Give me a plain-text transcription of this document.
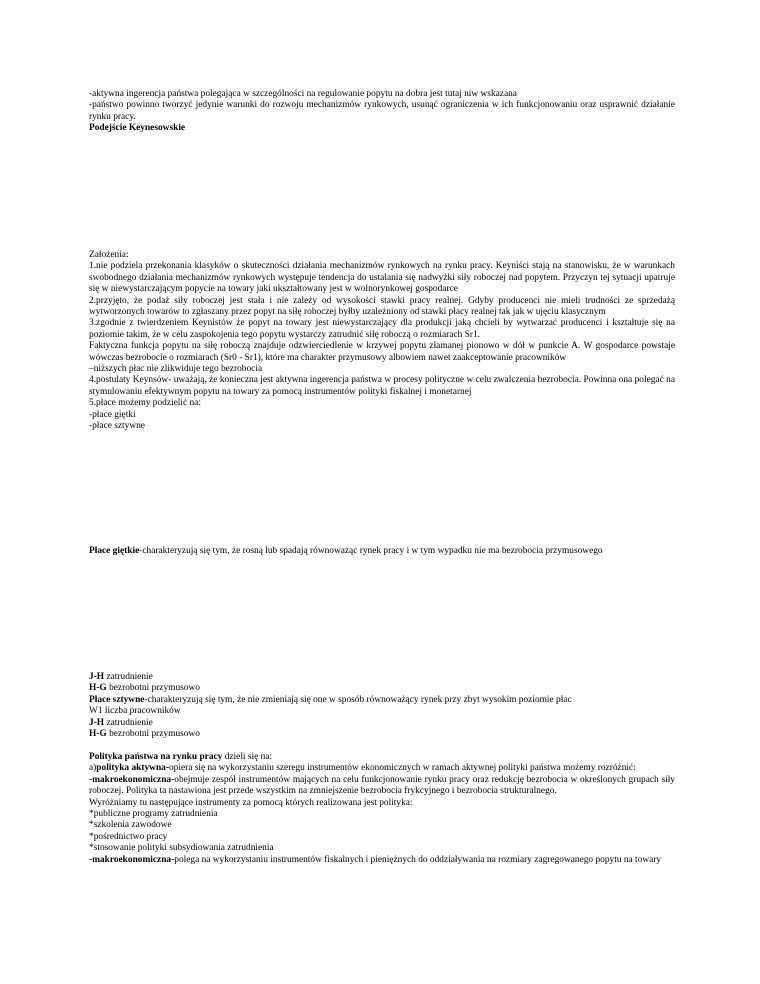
-aktywna ingerencja państwa polegająca w szczególności na regulowanie popytu na dobra jest tutaj niw wskazana

-państwo powinno tworzyć jedynie warunki do rozwoju mechanizmów rynkowych, usunąć ograniczenia w ich funkcjonowaniu oraz usprawnić działanie rynku pracy.

Podejście Keynesowskie

Założenia:

1.nie podziela przekonania klasyków o skuteczności działania mechanizmów rynkowych na rynku pracy. Keyniści stają na stanowisku, że w warunkach swobodnego działania mechanizmów rynkowych występuje tendencja do ustalania się nadwyżki siły roboczej nad popytem. Przyczyn tej sytuacji upatruje się w niewystarczającym popycie na towary jaki ukształtowany jest w wolnorynkowej gospodarce

2.przyjęto, że podaż siły roboczej jest stała i nie zależy od wysokości stawki pracy realnej. Gdyby producenci nie mieli trudności ze sprzedażą wytworzonych towarów to zgłaszany przez popyt na siłę roboczej byłby uzależniony od stawki płacy realnej tak jak w ujęciu klasycznym

3.zgodnie z twierdzeniem Keynistów że popyt na towary jest niewystarczający dla produkcji jaką chcieli by wytwarzać producenci i kształtuje się na poziomie takim, że w celu zaspokojenia tego popytu wystarczy zatrudnić siłę roboczą o rozmiarach Sr1.

Faktyczna funkcja popytu na siłę roboczą znajduje odzwierciedlenie w krzywej popytu złamanej pionowo w dół w punkcie A. W gospodarce powstaje wówczas bezrobocie o rozmiarach (Sr0 - Sr1), które ma charakter przymusowy albowiem nawet zaakceptowanie pracowników

–niższych płac nie zlikwiduje tego bezrobocia

4.postulaty Keynsów- uważają, że konieczna jest aktywna ingerencja państwa w procesy polityczne w celu zwalczenia bezrobocia. Powinna ona polegać na stymulowaniu efektywnym popytu na towary za pomocą instrumentów polityki fiskalnej i monetarnej

5.płace możemy podzielić na:

-płace giętki

-płace sztywne

Płace giętkie-charakteryzują się tym, że rosną lub spadają równoważąc rynek pracy i w tym wypadku nie ma bezrobocia przymusowego

J-H zatrudnienie

H-G bezrobotni przymusowo

Płace sztywne-charakteryzują się tym, że nie zmieniają się one w sposób równoważący rynek przy zbyt wysokim poziomie płac

W1 liczba pracowników

J-H zatrudnienie

H-G bezrobotni przymusowo

Polityka państwa na rynku pracy dzieli się na:

a)polityka aktywna-opiera się na wykorzystaniu szeregu instrumentów ekonomicznych w ramach aktywnej polityki państwa możemy rozróżnić:

-makroekonomiczna-obejmuje zespół instrumentów mających na celu funkcjonowanie rynku pracy oraz redukcję bezrobocia w określonych grupach siły roboczej. Polityka ta nastawiona jest przede wszystkim na zmniejszenie bezrobocia frykcyjnego i bezrobocia strukturalnego.

Wyróżniamy tu następujące instrumenty za pomocą których realizowana jest polityka:

*publiczne programy zatrudnienia

*szkolenia zawodowe

*pośrednictwo pracy

*stosowanie polityki subsydiowania zatrudnienia

-makroekonomiczna-polega na wykorzystaniu instrumentów fiskalnych i pieniężnych do oddziaływania na rozmiary zagregowanego popytu na towary
